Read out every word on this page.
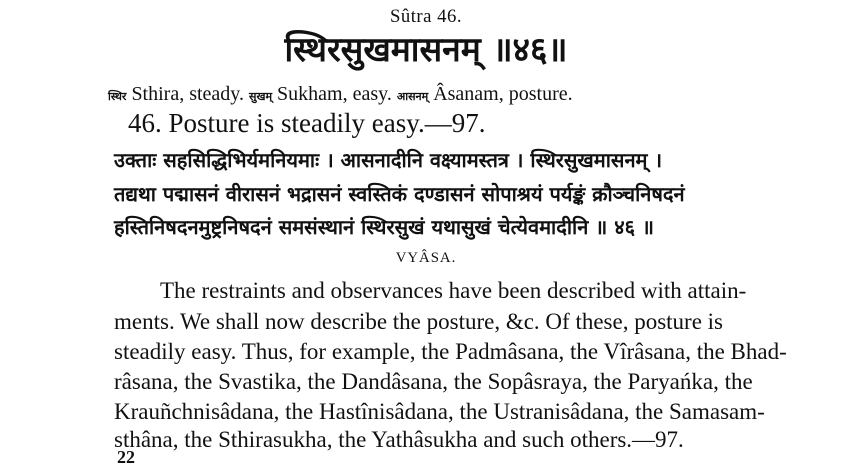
Sûtra 46.
स्थिरसुखमासनम् ॥४६॥
स्थिर Sthira, steady. सुखम् Sukham, easy. आसनम् Âsanam, posture.
46. Posture is steadily easy.—97.
उक्ताः सहसिद्धिभिर्यमनियमाः । आसनादीनि वक्ष्यामस्तत्र । स्थिरसुखमासनम् ।
तद्यथा पद्मासनं वीरासनं भद्रासनं स्वस्तिकं दण्डासनं सोपाश्रयं पर्यङ्कं क्रौञ्चनिषदनं
हस्तिनिषदनमुष्ट्रनिषदनं समसंस्थानं स्थिरसुखं यथासुखं चेत्येवमादीनि ॥ ४६ ॥
VYÂSA.
The restraints and observances have been described with attain-
ments. We shall now describe the posture, &c. Of these, posture is
steadily easy. Thus, for example, the Padmâsana, the Vîrâsana, the Bhad-
râsana, the Svastika, the Dandâsana, the Sopâsraya, the Paryańka, the
Krauñchnisâdana, the Hastînisâdana, the Ustranisâdana, the Samasam-
sthâna, the Sthirasukha, the Yathâsukha and such others.—97.
22
